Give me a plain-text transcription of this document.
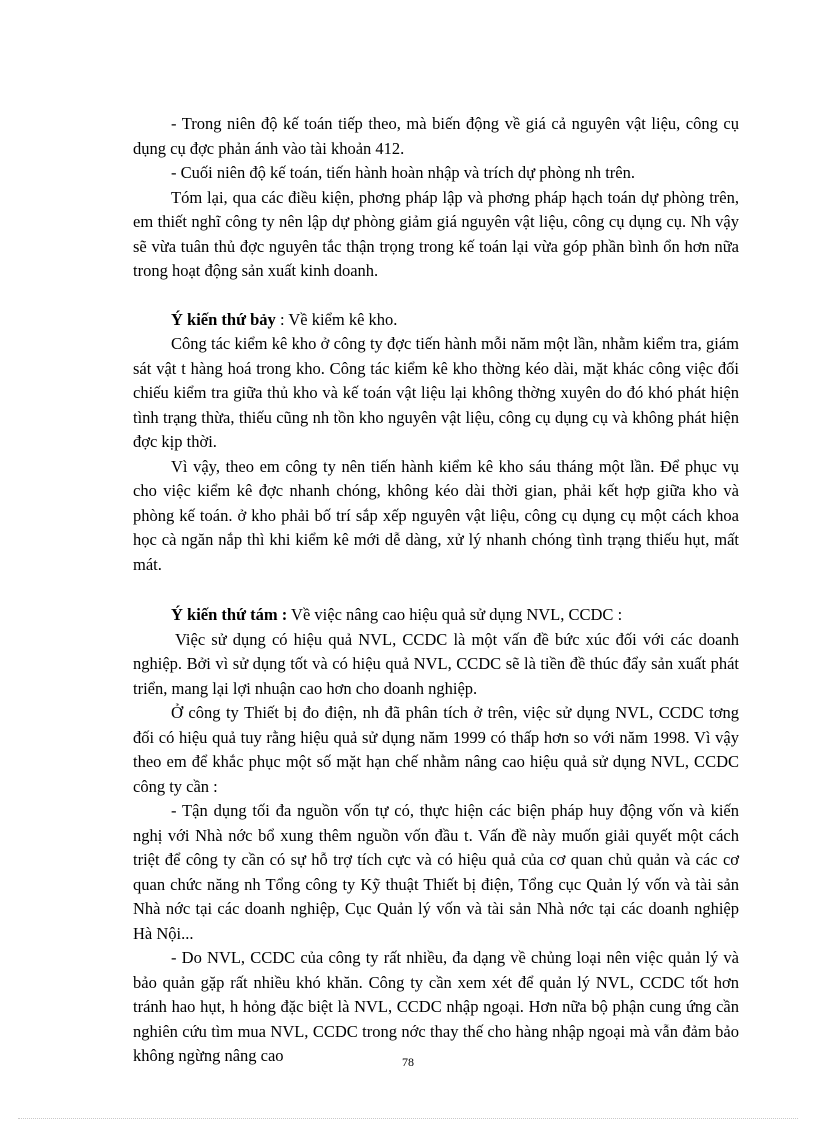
- Trong niên độ kế toán tiếp theo, mà biến động về giá cả nguyên vật liệu, công cụ dụng cụ đợc phản ánh vào tài khoản 412.

- Cuối niên độ kế toán, tiến hành hoàn nhập và trích dự phòng nh trên.

Tóm lại, qua các điều kiện, phơng pháp lập và phơng pháp hạch toán dự phòng trên, em thiết nghĩ công ty nên lập dự phòng giảm giá nguyên vật liệu, công cụ dụng cụ. Nh vậy sẽ vừa tuân thủ đợc nguyên tắc thận trọng trong kế toán lại vừa góp phần bình ổn hơn nữa trong hoạt động sản xuất kinh doanh.

Ý kiến thứ bảy : Về kiểm kê kho.

Công tác kiểm kê kho ở công ty đợc tiến hành mỗi năm một lần, nhằm kiểm tra, giám sát vật t hàng hoá trong kho. Công tác kiểm kê kho thờng kéo dài, mặt khác công việc đối chiếu kiểm tra giữa thủ kho và kế toán vật liệu lại không thờng xuyên do đó khó phát hiện tình trạng thừa, thiếu cũng nh tồn kho nguyên vật liệu, công cụ dụng cụ và không phát hiện đợc kịp thời.

Vì vậy, theo em công ty nên tiến hành kiểm kê kho sáu tháng một lần. Để phục vụ cho việc kiểm kê đợc nhanh chóng, không kéo dài thời gian, phải kết hợp giữa kho và phòng kế toán. ở kho phải bố trí sắp xếp nguyên vật liệu, công cụ dụng cụ một cách khoa học cà ngăn nắp thì khi kiểm kê mới dễ dàng, xử lý nhanh chóng tình trạng thiếu hụt, mất mát.

Ý kiến thứ tám : Về việc nâng cao hiệu quả sử dụng NVL, CCDC :

Việc sử dụng có hiệu quả NVL, CCDC là một vấn đề bức xúc đối với các doanh nghiệp. Bởi vì sử dụng tốt và có hiệu quả NVL, CCDC sẽ là tiền đề thúc đẩy sản xuất phát triển, mang lại lợi nhuận cao hơn cho doanh nghiệp.

Ở công ty Thiết bị đo điện, nh đã phân tích ở trên, việc sử dụng NVL, CCDC tơng đối có hiệu quả tuy rằng hiệu quả sử dụng năm 1999 có thấp hơn so với năm 1998. Vì vậy theo em để khắc phục một số mặt hạn chế nhằm nâng cao hiệu quả sử dụng NVL, CCDC công ty cần :

- Tận dụng tối đa nguồn vốn tự có, thực hiện các biện pháp huy động vốn và kiến nghị với Nhà nớc bổ xung thêm nguồn vốn đầu t. Vấn đề này muốn giải quyết một cách triệt để công ty cần có sự hỗ trợ tích cực và có hiệu quả của cơ quan chủ quản và các cơ quan chức năng nh Tổng công ty Kỹ thuật Thiết bị điện, Tổng cục Quản lý vốn và tài sản Nhà nớc tại các doanh nghiệp, Cục Quản lý vốn và tài sản Nhà nớc tại các doanh nghiệp Hà Nội...

- Do NVL, CCDC của công ty rất nhiều, đa dạng về chủng loại nên việc quản lý và bảo quản gặp rất nhiều khó khăn. Công ty cần xem xét để quản lý NVL, CCDC tốt hơn tránh hao hụt, h hỏng đặc biệt là NVL, CCDC nhập ngoại. Hơn nữa bộ phận cung ứng cần nghiên cứu tìm mua NVL, CCDC trong nớc thay thế cho hàng nhập ngoại mà vẫn đảm bảo không ngừng nâng cao	78
